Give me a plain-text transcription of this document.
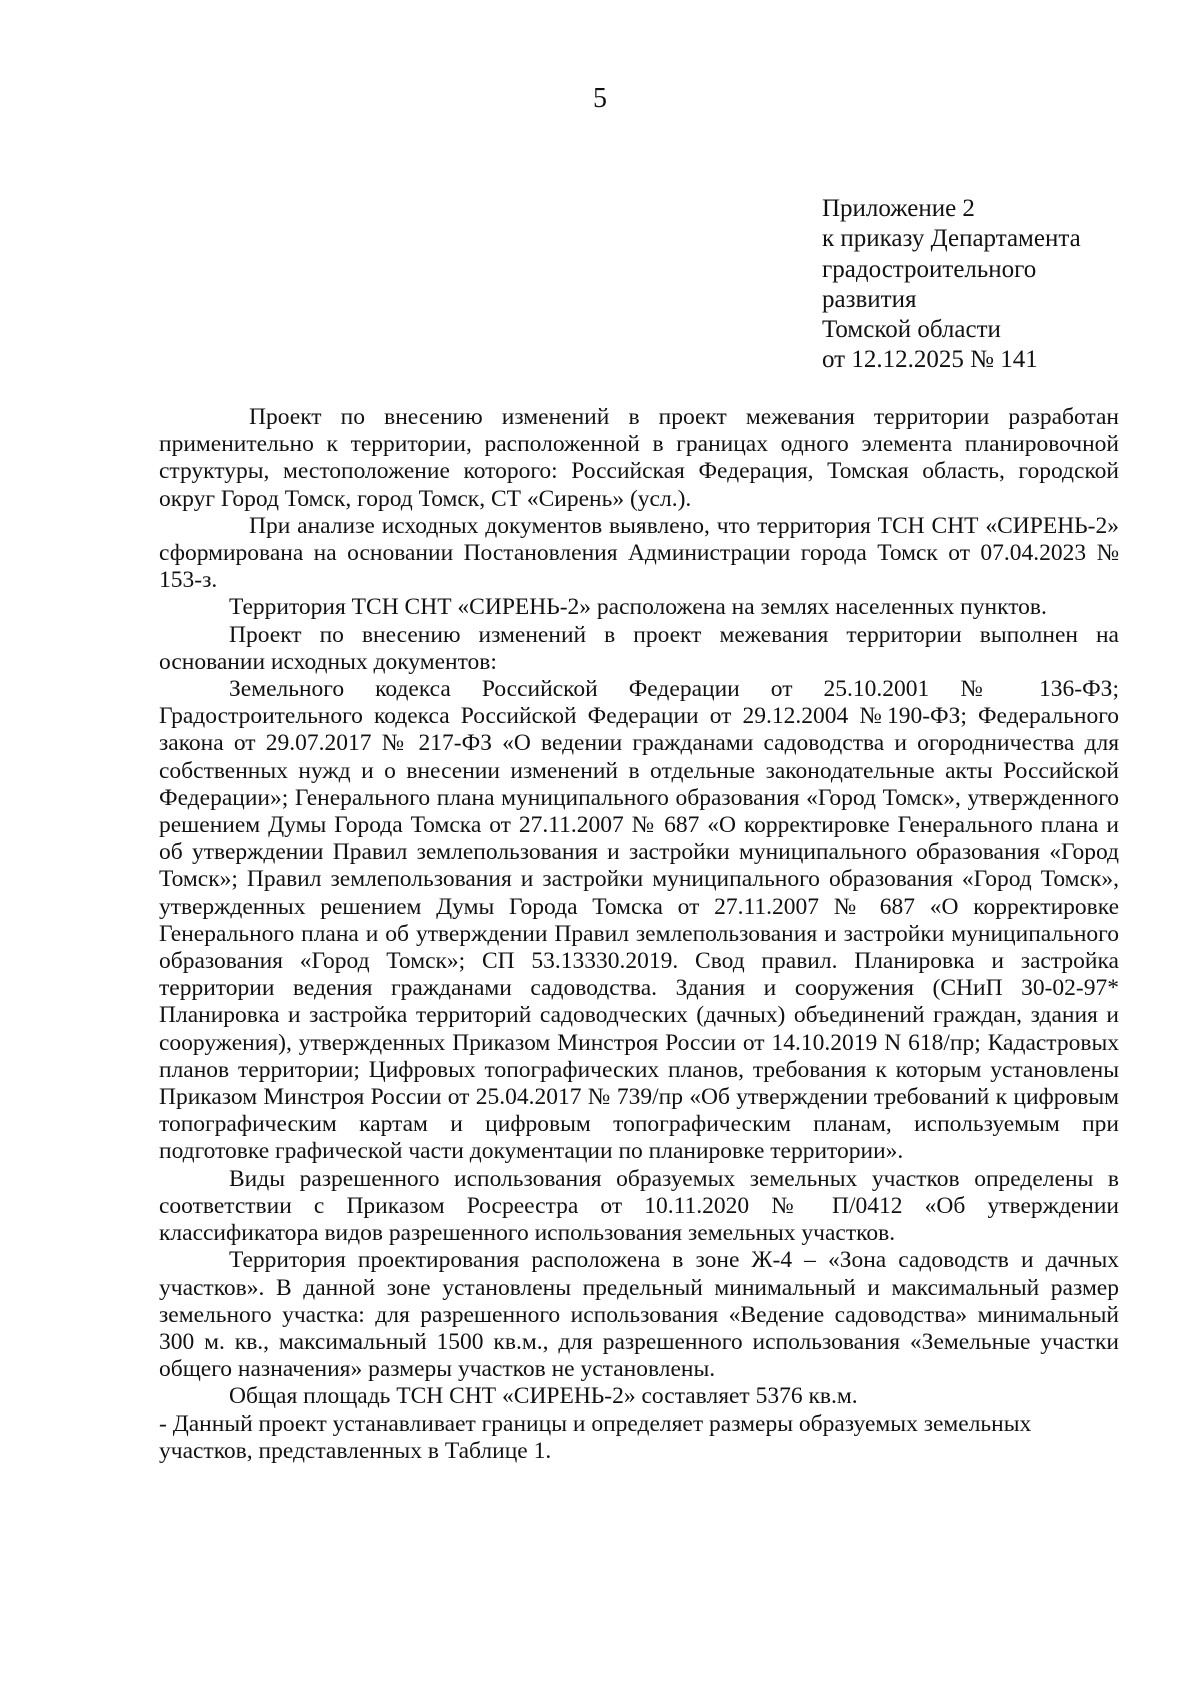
5
Приложение 2
к приказу Департамента
градостроительного
развития
Томской области
от 12.12.2025 № 141

Проект по внесению изменений в проект межевания территории разработан применительно к территории, расположенной в границах одного элемента планировочной структуры, местоположение которого: Российская Федерация, Томская область, городской округ Город Томск, город Томск, СТ «Сирень» (усл.).

При анализе исходных документов выявлено, что территория ТСН СНТ «СИРЕНЬ-2» сформирована на основании Постановления Администрации города Томск от 07.04.2023 № 153-з.

Территория ТСН СНТ «СИРЕНЬ-2» расположена на землях населенных пунктов.

Проект по внесению изменений в проект межевания территории выполнен на основании исходных документов:

Земельного кодекса Российской Федерации от 25.10.2001 № 136-ФЗ; Градостроительного кодекса Российской Федерации от 29.12.2004 №190-ФЗ; Федерального закона от 29.07.2017 № 217-ФЗ «О ведении гражданами садоводства и огородничества для собственных нужд и о внесении изменений в отдельные законодательные акты Российской Федерации»; Генерального плана муниципального образования «Город Томск», утвержденного решением Думы Города Томска от 27.11.2007 № 687 «О корректировке Генерального плана и об утверждении Правил землепользования и застройки муниципального образования «Город Томск»; Правил землепользования и застройки муниципального образования «Город Томск», утвержденных решением Думы Города Томска от 27.11.2007 № 687 «О корректировке Генерального плана и об утверждении Правил землепользования и застройки муниципального образования «Город Томск»; СП 53.13330.2019. Свод правил. Планировка и застройка территории ведения гражданами садоводства. Здания и сооружения (СНиП 30-02-97* Планировка и застройка территорий садоводческих (дачных) объединений граждан, здания и сооружения), утвержденных Приказом Минстроя России от 14.10.2019 N 618/пр; Кадастровых планов территории; Цифровых топографических планов, требования к которым установлены Приказом Минстроя России от 25.04.2017 № 739/пр «Об утверждении требований к цифровым топографическим картам и цифровым топографическим планам, используемым при подготовке графической части документации по планировке территории».

Виды разрешенного использования образуемых земельных участков определены в соответствии с Приказом Росреестра от 10.11.2020 № П/0412 «Об утверждении классификатора видов разрешенного использования земельных участков.

Территория проектирования расположена в зоне Ж-4 – «Зона садоводств и дачных участков». В данной зоне установлены предельный минимальный и максимальный размер земельного участка: для разрешенного использования «Ведение садоводства» минимальный 300 м. кв., максимальный 1500 кв.м., для разрешенного использования «Земельные участки общего назначения» размеры участков не установлены.

Общая площадь ТСН СНТ «СИРЕНЬ-2» составляет 5376 кв.м.

- Данный проект устанавливает границы и определяет размеры образуемых земельных участков, представленных в Таблице 1.
